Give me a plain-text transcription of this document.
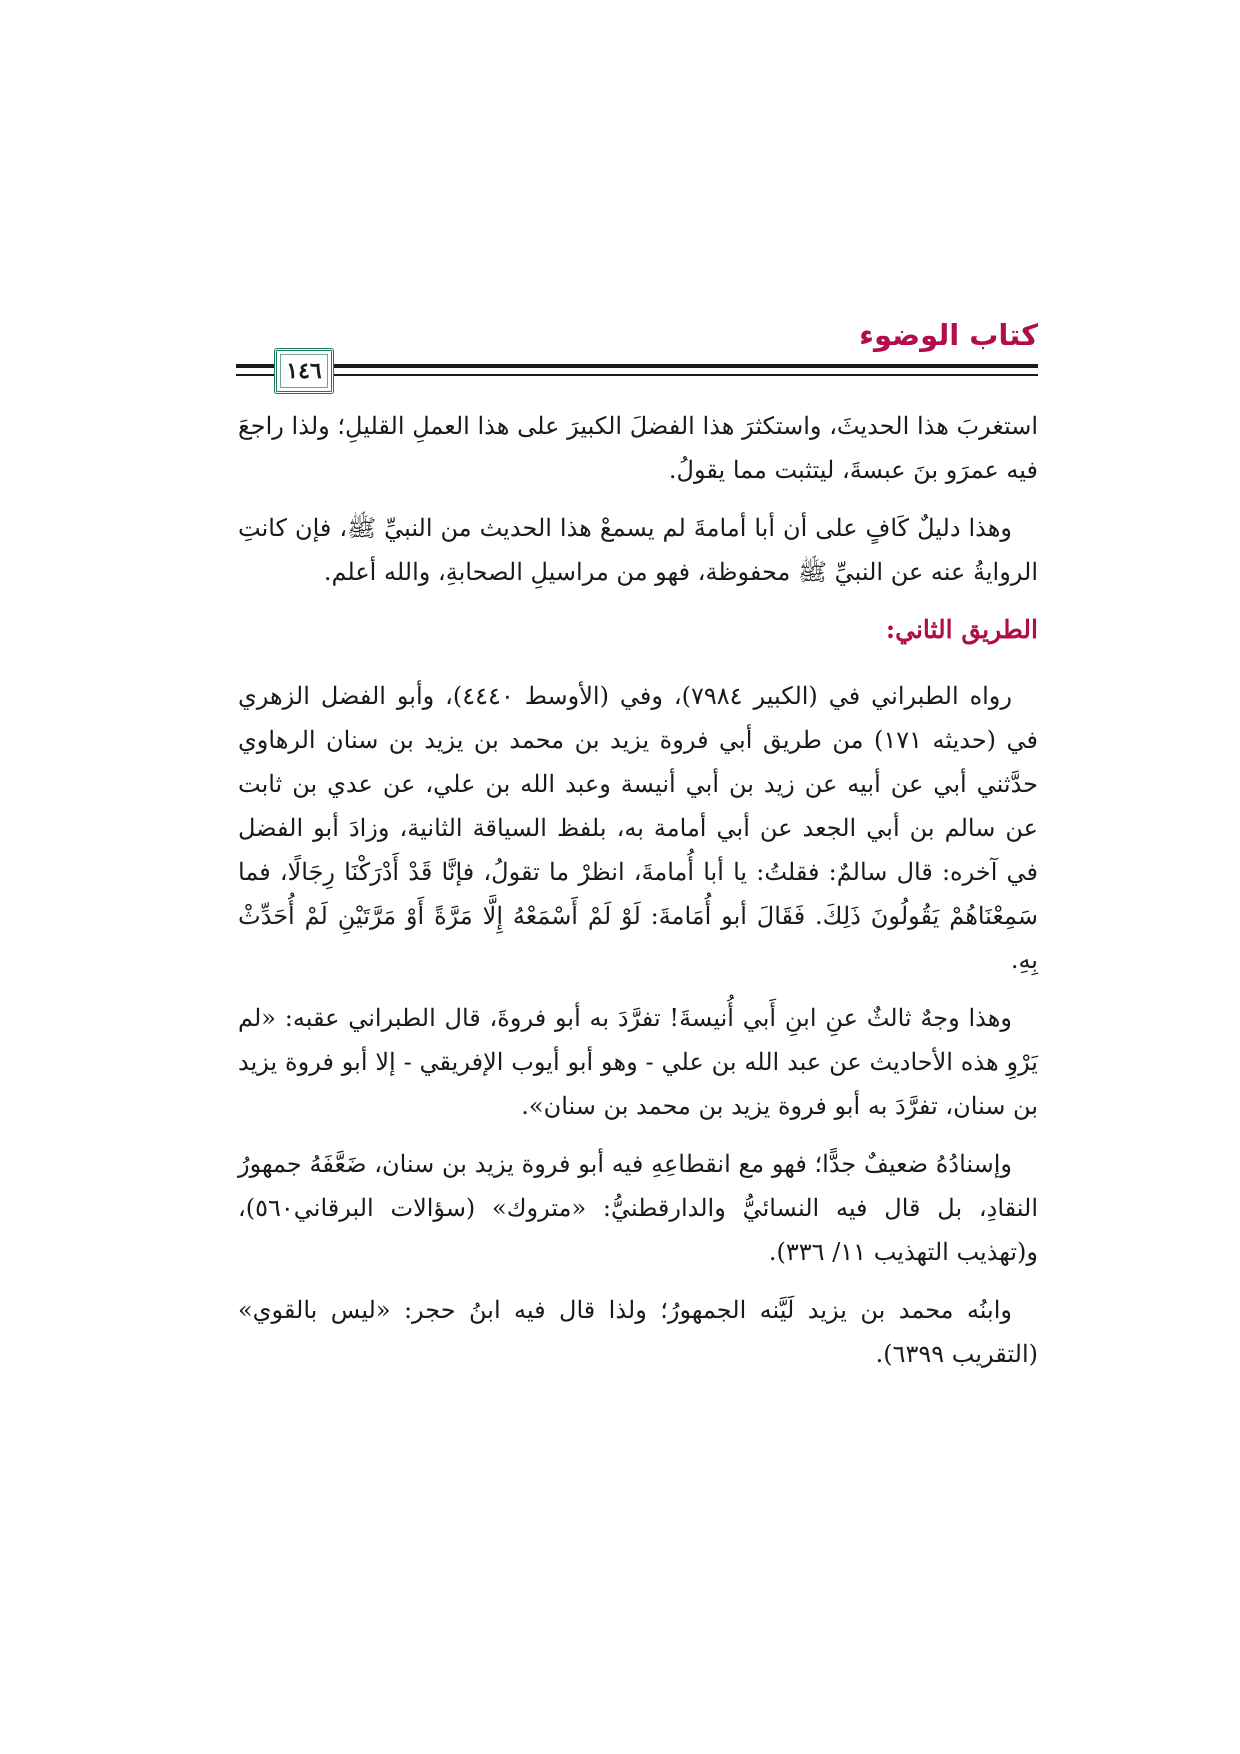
كتاب الوضوء
١٤٦

استغربَ هذا الحديثَ، واستكثرَ هذا الفضلَ الكبيرَ على هذا العملِ القليلِ؛ ولذا راجعَ فيه عمرَو بنَ عبسةَ، ليتثبت مما يقولُ.

وهذا دليلٌ كَافٍ على أن أبا أمامةَ لم يسمعْ هذا الحديث من النبيِّ ﷺ، فإن كانتِ الروايةُ عنه عن النبيِّ ﷺ محفوظة، فهو من مراسيلِ الصحابةِ، والله أعلم.

الطريق الثاني:

رواه الطبراني في (الكبير ٧٩٨٤)، وفي (الأوسط ٤٤٤٠)، وأبو الفضل الزهري في (حديثه ١٧١) من طريق أبي فروة يزيد بن محمد بن يزيد بن سنان الرهاوي حدَّثني أبي عن أبيه عن زيد بن أبي أنيسة وعبد الله بن علي، عن عدي بن ثابت عن سالم بن أبي الجعد عن أبي أمامة به، بلفظ السياقة الثانية، وزادَ أبو الفضل في آخره: قال سالمٌ: فقلتُ: يا أبا أُمامةَ، انظرْ ما تقولُ، فإنَّا قَدْ أَدْرَكْنَا رِجَالًا، فما سَمِعْنَاهُمْ يَقُولُونَ ذَلِكَ. فَقَالَ أبو أُمَامةَ: لَوْ لَمْ أَسْمَعْهُ إِلَّا مَرَّةً أَوْ مَرَّتَيْنِ لَمْ أُحَدِّثْ بِهِ.

وهذا وجهٌ ثالثٌ عنِ ابنِ أَبي أُنيسةَ! تفرَّدَ به أبو فروةَ، قال الطبراني عقبه: «لم يَرْوِ هذه الأحاديث عن عبد الله بن علي - وهو أبو أيوب الإفريقي - إلا أبو فروة يزيد بن سنان، تفرَّدَ به أبو فروة يزيد بن محمد بن سنان».

وإسنادُهُ ضعيفٌ جدًّا؛ فهو مع انقطاعِهِ فيه أبو فروة يزيد بن سنان، ضَعَّفَهُ جمهورُ النقادِ، بل قال فيه النسائيُّ والدارقطنيُّ: «متروك» (سؤالات البرقاني٥٦٠)، و(تهذيب التهذيب ١١/ ٣٣٦).

وابنُه محمد بن يزيد لَيَّنه الجمهورُ؛ ولذا قال فيه ابنُ حجر: «ليس بالقوي» (التقريب ٦٣٩٩).
